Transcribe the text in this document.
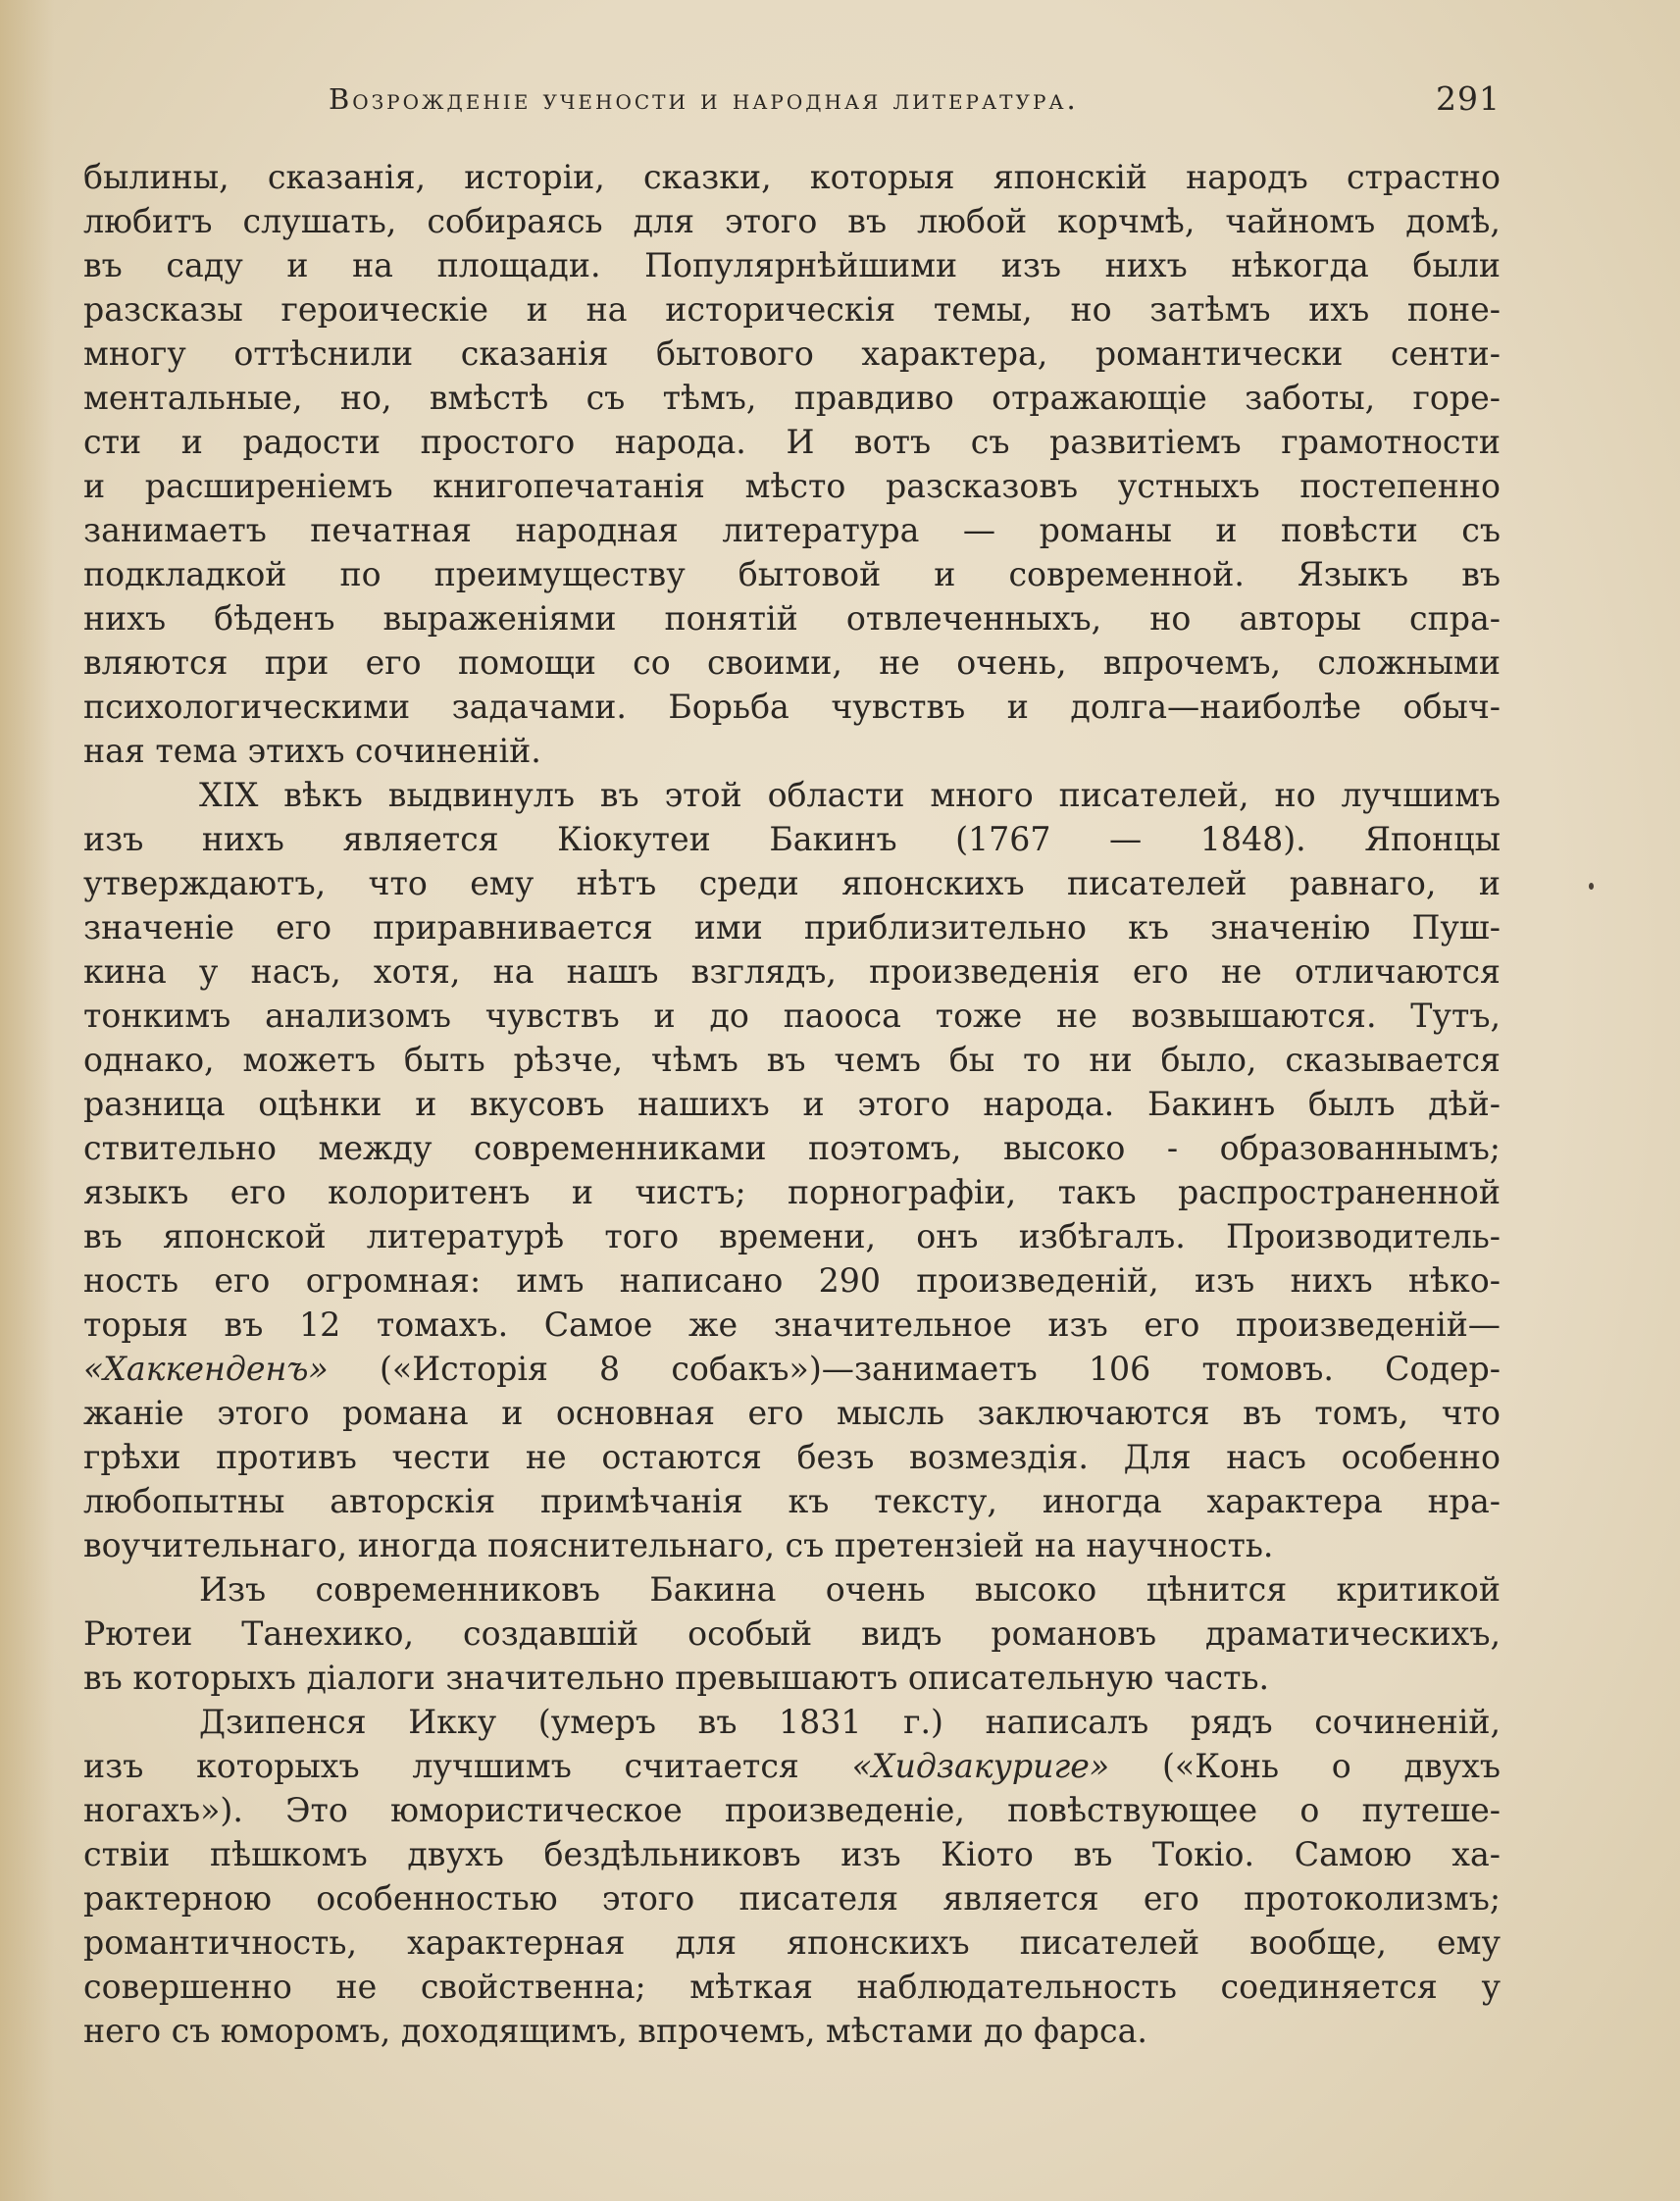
Возрожденіе учености и народная литература.	291
былины, сказанія, исторіи, сказки, которыя японскій народъ страстно
любитъ слушать, собираясь для этого въ любой корчмѣ, чайномъ домѣ,
въ саду и на площади. Популярнѣйшими изъ нихъ нѣкогда были
разсказы героическіе и на историческія темы, но затѣмъ ихъ поне-
многу оттѣснили сказанія бытового характера, романтически сенти-
ментальные, но, вмѣстѣ съ тѣмъ, правдиво отражающіе заботы, горе-
сти и радости простого народа. И вотъ съ развитіемъ грамотности
и расширеніемъ книгопечатанія мѣсто разсказовъ устныхъ постепенно
занимаетъ печатная народная литература — романы и повѣсти съ
подкладкой по преимуществу бытовой и современной. Языкъ въ
нихъ бѣденъ выраженіями понятій отвлеченныхъ, но авторы спра-
вляются при его помощи со своими, не очень, впрочемъ, сложными
психологическими задачами. Борьба чувствъ и долга—наиболѣе обыч-
ная тема этихъ сочиненій.
XIX вѣкъ выдвинулъ въ этой области много писателей, но лучшимъ
изъ нихъ является Кіокутеи Бакинъ (1767 — 1848). Японцы
утверждаютъ, что ему нѣтъ среди японскихъ писателей равнаго, и
значеніе его приравнивается ими приблизительно къ значенію Пуш-
кина у насъ, хотя, на нашъ взглядъ, произведенія его не отличаются
тонкимъ анализомъ чувствъ и до паооса тоже не возвышаются. Тутъ,
однако, можетъ быть рѣзче, чѣмъ въ чемъ бы то ни было, сказывается
разница оцѣнки и вкусовъ нашихъ и этого народа. Бакинъ былъ дѣй-
ствительно между современниками поэтомъ, высоко - образованнымъ;
языкъ его колоритенъ и чистъ; порнографіи, такъ распространенной
въ японской литературѣ того времени, онъ избѣгалъ. Производитель-
ность его огромная: имъ написано 290 произведеній, изъ нихъ нѣко-
торыя въ 12 томахъ. Самое же значительное изъ его произведеній—
«Хаккенденъ» («Исторія 8 собакъ»)—занимаетъ 106 томовъ. Содер-
жаніе этого романа и основная его мысль заключаются въ томъ, что
грѣхи противъ чести не остаются безъ возмездія. Для насъ особенно
любопытны авторскія примѣчанія къ тексту, иногда характера нра-
воучительнаго, иногда пояснительнаго, съ претензіей на научность.
Изъ современниковъ Бакина очень высоко цѣнится критикой
Рютеи Танехико, создавшій особый видъ романовъ драматическихъ,
въ которыхъ діалоги значительно превышаютъ описательную часть.
Дзипенся Икку (умеръ въ 1831 г.) написалъ рядъ сочиненій,
изъ которыхъ лучшимъ считается «Хидзакуриге» («Конь о двухъ
ногахъ»). Это юмористическое произведеніе, повѣствующее о путеше-
ствіи пѣшкомъ двухъ бездѣльниковъ изъ Кіото въ Токіо. Самою ха-
рактерною особенностью этого писателя является его протоколизмъ;
романтичность, характерная для японскихъ писателей вообще, ему
совершенно не свойственна; мѣткая наблюдательность соединяется у
него съ юморомъ, доходящимъ, впрочемъ, мѣстами до фарса.
